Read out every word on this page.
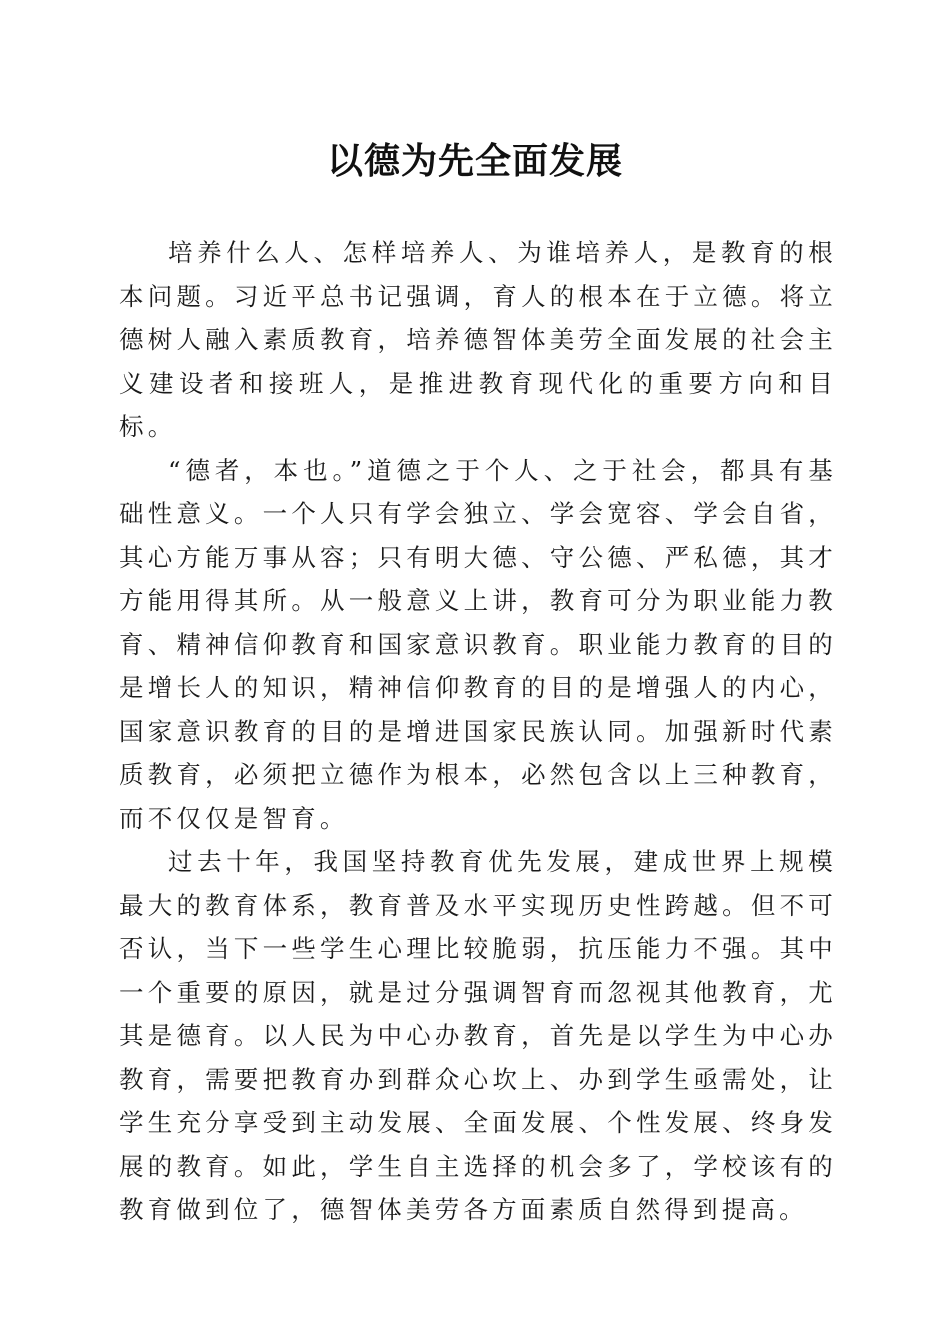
以德为先全面发展

培养什么人、怎样培养人、为谁培养人，是教育的根本问题。习近平总书记强调，育人的根本在于立德。将立德树人融入素质教育，培养德智体美劳全面发展的社会主义建设者和接班人，是推进教育现代化的重要方向和目标。

“德者，本也。”道德之于个人、之于社会，都具有基础性意义。一个人只有学会独立、学会宽容、学会自省，其心方能万事从容；只有明大德、守公德、严私德，其才方能用得其所。从一般意义上讲，教育可分为职业能力教育、精神信仰教育和国家意识教育。职业能力教育的目的是增长人的知识，精神信仰教育的目的是增强人的内心，国家意识教育的目的是增进国家民族认同。加强新时代素质教育，必须把立德作为根本，必然包含以上三种教育，而不仅仅是智育。

过去十年，我国坚持教育优先发展，建成世界上规模最大的教育体系，教育普及水平实现历史性跨越。但不可否认，当下一些学生心理比较脆弱，抗压能力不强。其中一个重要的原因，就是过分强调智育而忽视其他教育，尤其是德育。以人民为中心办教育，首先是以学生为中心办教育，需要把教育办到群众心坎上、办到学生亟需处，让学生充分享受到主动发展、全面发展、个性发展、终身发展的教育。如此，学生自主选择的机会多了，学校该有的教育做到位了，德智体美劳各方面素质自然得到提高。
